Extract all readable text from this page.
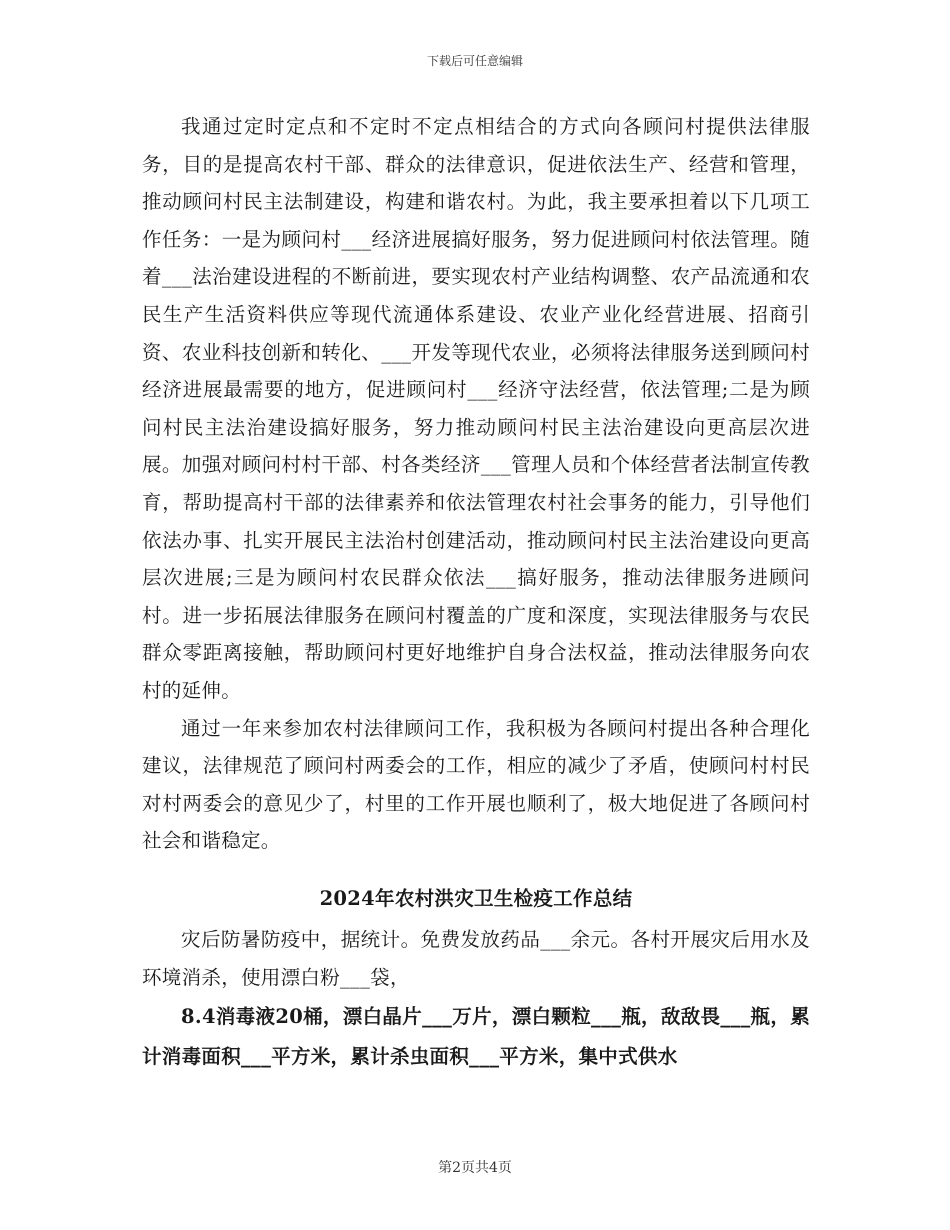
下载后可任意编辑

我通过定时定点和不定时不定点相结合的方式向各顾问村提供法律服务，目的是提高农村干部、群众的法律意识，促进依法生产、经营和管理，推动顾问村民主法制建设，构建和谐农村。为此，我主要承担着以下几项工作任务：一是为顾问村___经济进展搞好服务，努力促进顾问村依法管理。随着___法治建设进程的不断前进，要实现农村产业结构调整、农产品流通和农民生产生活资料供应等现代流通体系建设、农业产业化经营进展、招商引资、农业科技创新和转化、___开发等现代农业，必须将法律服务送到顾问村经济进展最需要的地方，促进顾问村___经济守法经营，依法管理;二是为顾问村民主法治建设搞好服务，努力推动顾问村民主法治建设向更高层次进展。加强对顾问村村干部、村各类经济___管理人员和个体经营者法制宣传教育，帮助提高村干部的法律素养和依法管理农村社会事务的能力，引导他们依法办事、扎实开展民主法治村创建活动，推动顾问村民主法治建设向更高层次进展;三是为顾问村农民群众依法___搞好服务，推动法律服务进顾问村。进一步拓展法律服务在顾问村覆盖的广度和深度，实现法律服务与农民群众零距离接触，帮助顾问村更好地维护自身合法权益，推动法律服务向农村的延伸。

通过一年来参加农村法律顾问工作，我积极为各顾问村提出各种合理化建议，法律规范了顾问村两委会的工作，相应的减少了矛盾，使顾问村村民对村两委会的意见少了，村里的工作开展也顺利了，极大地促进了各顾问村社会和谐稳定。

2024年农村洪灾卫生检疫工作总结

灾后防暑防疫中，据统计。免费发放药品___余元。各村开展灾后用水及环境消杀，使用漂白粉___袋，

8.4消毒液20桶，漂白晶片___万片，漂白颗粒___瓶，敌敌畏___瓶，累计消毒面积___平方米，累计杀虫面积___平方米，集中式供水

第2页共4页
